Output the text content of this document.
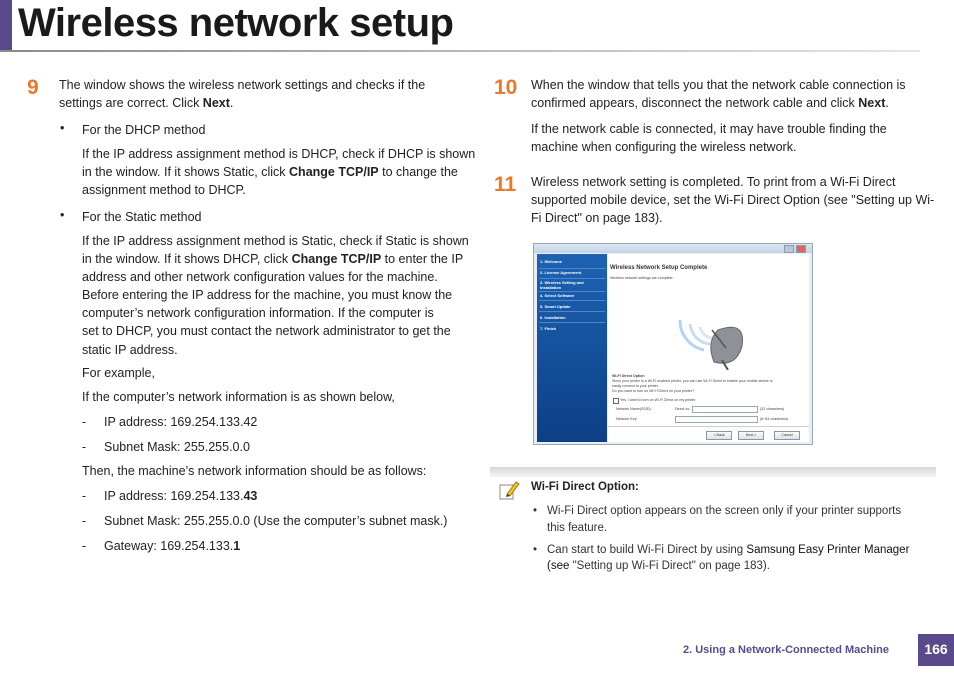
Wireless network setup
9 The window shows the wireless network settings and checks if the
settings are correct. Click Next.
• For the DHCP method
If the IP address assignment method is DHCP, check if DHCP is shown
in the window. If it shows Static, click Change TCP/IP to change the
assignment method to DHCP.
• For the Static method
If the IP address assignment method is Static, check if Static is shown
in the window. If it shows DHCP, click Change TCP/IP to enter the IP
address and other network configuration values for the machine.
Before entering the IP address for the machine, you must know the
computer’s network configuration information. If the computer is
set to DHCP, you must contact the network administrator to get the
static IP address.
For example,
If the computer’s network information is as shown below,
- IP address: 169.254.133.42
- Subnet Mask: 255.255.0.0
Then, the machine’s network information should be as follows:
- IP address: 169.254.133.43
- Subnet Mask: 255.255.0.0 (Use the computer’s subnet mask.)
- Gateway: 169.254.133.1
10 When the window that tells you that the network cable connection is
confirmed appears, disconnect the network cable and click Next.
If the network cable is connected, it may have trouble finding the
machine when configuring the wireless network.
11 Wireless network setting is completed. To print from a Wi-Fi Direct
supported mobile device, set the Wi-Fi Direct Option (see "Setting up Wi-
Fi Direct" on page 183).
1. Welcome
2. License Agreement
3. Wireless Setting and
Installation
4. Select Software
5. Smart Update
6. Installation
7. Finish
Wireless Network Setup Complete
Wireless network settings are complete.
Wi-Fi Direct Option
Since your printer is a Wi-Fi enabled printer, you can use Wi-Fi Direct to enable your mobile device to
easily connect to your printer.
Do you want to turn on Wi-Fi Direct on your printer?
Yes, I want to turn on Wi-Fi Direct on my printer.
Network Name(SSID):	Direct-xx-	(32 characters)
Network Key:	(8~64 characters)
< Back	Next >	Cancel
Wi-Fi Direct Option:
• Wi-Fi Direct option appears on the screen only if your printer supports
this feature.
• Can start to build Wi-Fi Direct by using Samsung Easy Printer Manager
(see "Setting up Wi-Fi Direct" on page 183).
2. Using a Network-Connected Machine	166
